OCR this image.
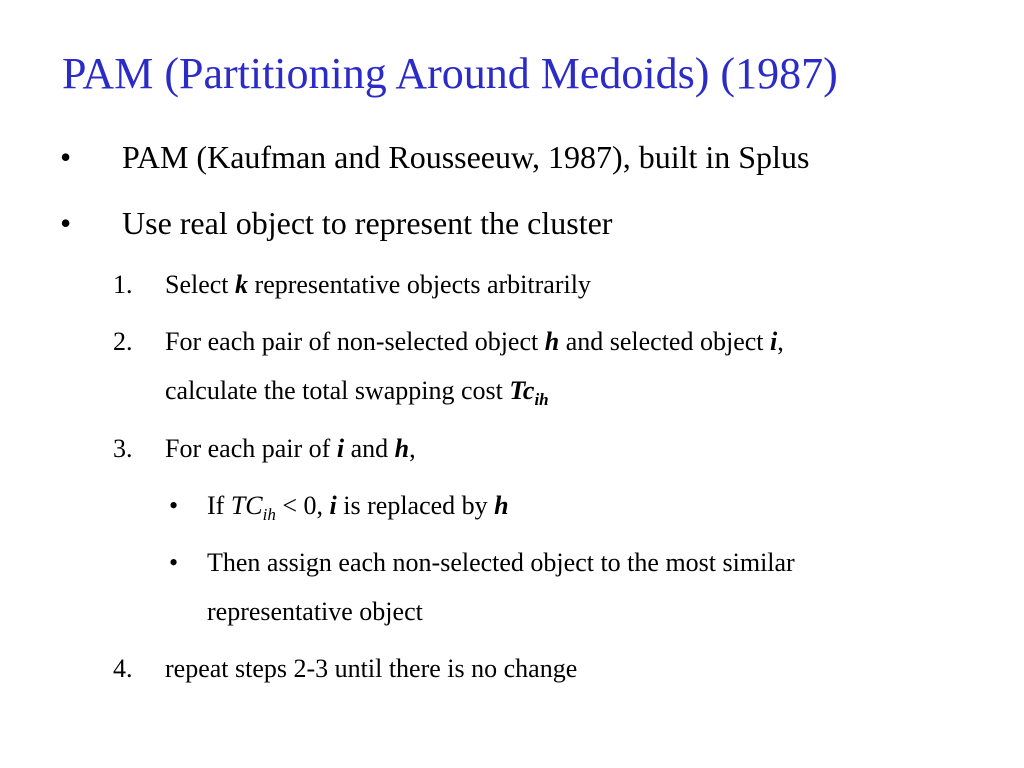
PAM (Partitioning Around Medoids) (1987)
• PAM (Kaufman and Rousseeuw, 1987), built in Splus
• Use real object to represent the cluster
1. Select k representative objects arbitrarily
2. For each pair of non-selected object h and selected object i,
calculate the total swapping cost $Tc_{ih}$
3. For each pair of i and h,
• If $TC_{ih} < 0$, i is replaced by h
• Then assign each non-selected object to the most similar
representative object
4. repeat steps 2-3 until there is no change
